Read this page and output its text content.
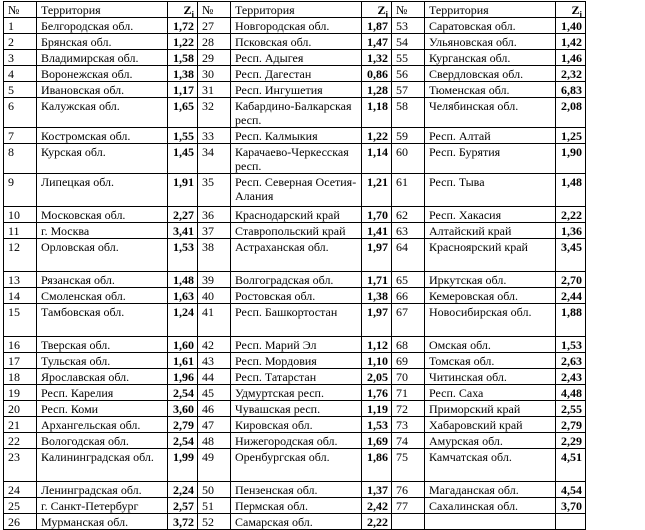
№	Территория	$Z_i$	№	Территория	$Z_i$	№	Территория	$Z_i$
1	Белгородская обл.	1,72	27	Новгородская обл.	1,87	53	Саратовская обл.	1,40
2	Брянская обл.	1,22	28	Псковская обл.	1,47	54	Ульяновская обл.	1,42
3	Владимирская обл.	1,58	29	Респ. Адыгея	1,32	55	Курганская обл.	1,46
4	Воронежская обл.	1,38	30	Респ. Дагестан	0,86	56	Свердловская обл.	2,32
5	Ивановская обл.	1,17	31	Респ. Ингушетия	1,28	57	Тюменская обл.	6,83
6	Калужская обл.	1,65	32	Кабардино-Балкарская респ.	1,18	58	Челябинская обл.	2,08
7	Костромская обл.	1,55	33	Респ. Калмыкия	1,22	59	Респ. Алтай	1,25
8	Курская обл.	1,45	34	Карачаево-Черкесская респ.	1,14	60	Респ. Бурятия	1,90
9	Липецкая обл.	1,91	35	Респ. Северная Осетия-Алания	1,21	61	Респ. Тыва	1,48
10	Московская обл.	2,27	36	Краснодарский край	1,70	62	Респ. Хакасия	2,22
11	г. Москва	3,41	37	Ставропольский край	1,41	63	Алтайский край	1,36
12	Орловская обл.	1,53	38	Астраханская обл.	1,97	64	Красноярский край	3,45
13	Рязанская обл.	1,48	39	Волгоградская обл.	1,71	65	Иркутская обл.	2,70
14	Смоленская обл.	1,63	40	Ростовская обл.	1,38	66	Кемеровская обл.	2,44
15	Тамбовская обл.	1,24	41	Респ. Башкортостан	1,97	67	Новосибирская обл.	1,88
16	Тверская обл.	1,60	42	Респ. Марий Эл	1,12	68	Омская обл.	1,53
17	Тульская обл.	1,61	43	Респ. Мордовия	1,10	69	Томская обл.	2,63
18	Ярославская обл.	1,96	44	Респ. Татарстан	2,05	70	Читинская обл.	2,43
19	Респ. Карелия	2,54	45	Удмуртская респ.	1,76	71	Респ. Саха	4,48
20	Респ. Коми	3,60	46	Чувашская респ.	1,19	72	Приморский край	2,55
21	Архангельская обл.	2,79	47	Кировская обл.	1,53	73	Хабаровский край	2,79
22	Вологодская обл.	2,54	48	Нижегородская обл.	1,69	74	Амурская обл.	2,29
23	Калининградская обл.	1,99	49	Оренбургская обл.	1,86	75	Камчатская обл.	4,51
24	Ленинградская обл.	2,24	50	Пензенская обл.	1,37	76	Магаданская обл.	4,54
25	г. Санкт-Петербург	2,57	51	Пермская обл.	2,42	77	Сахалинская обл.	3,70
26	Мурманская обл.	3,72	52	Самарская обл.	2,22			
